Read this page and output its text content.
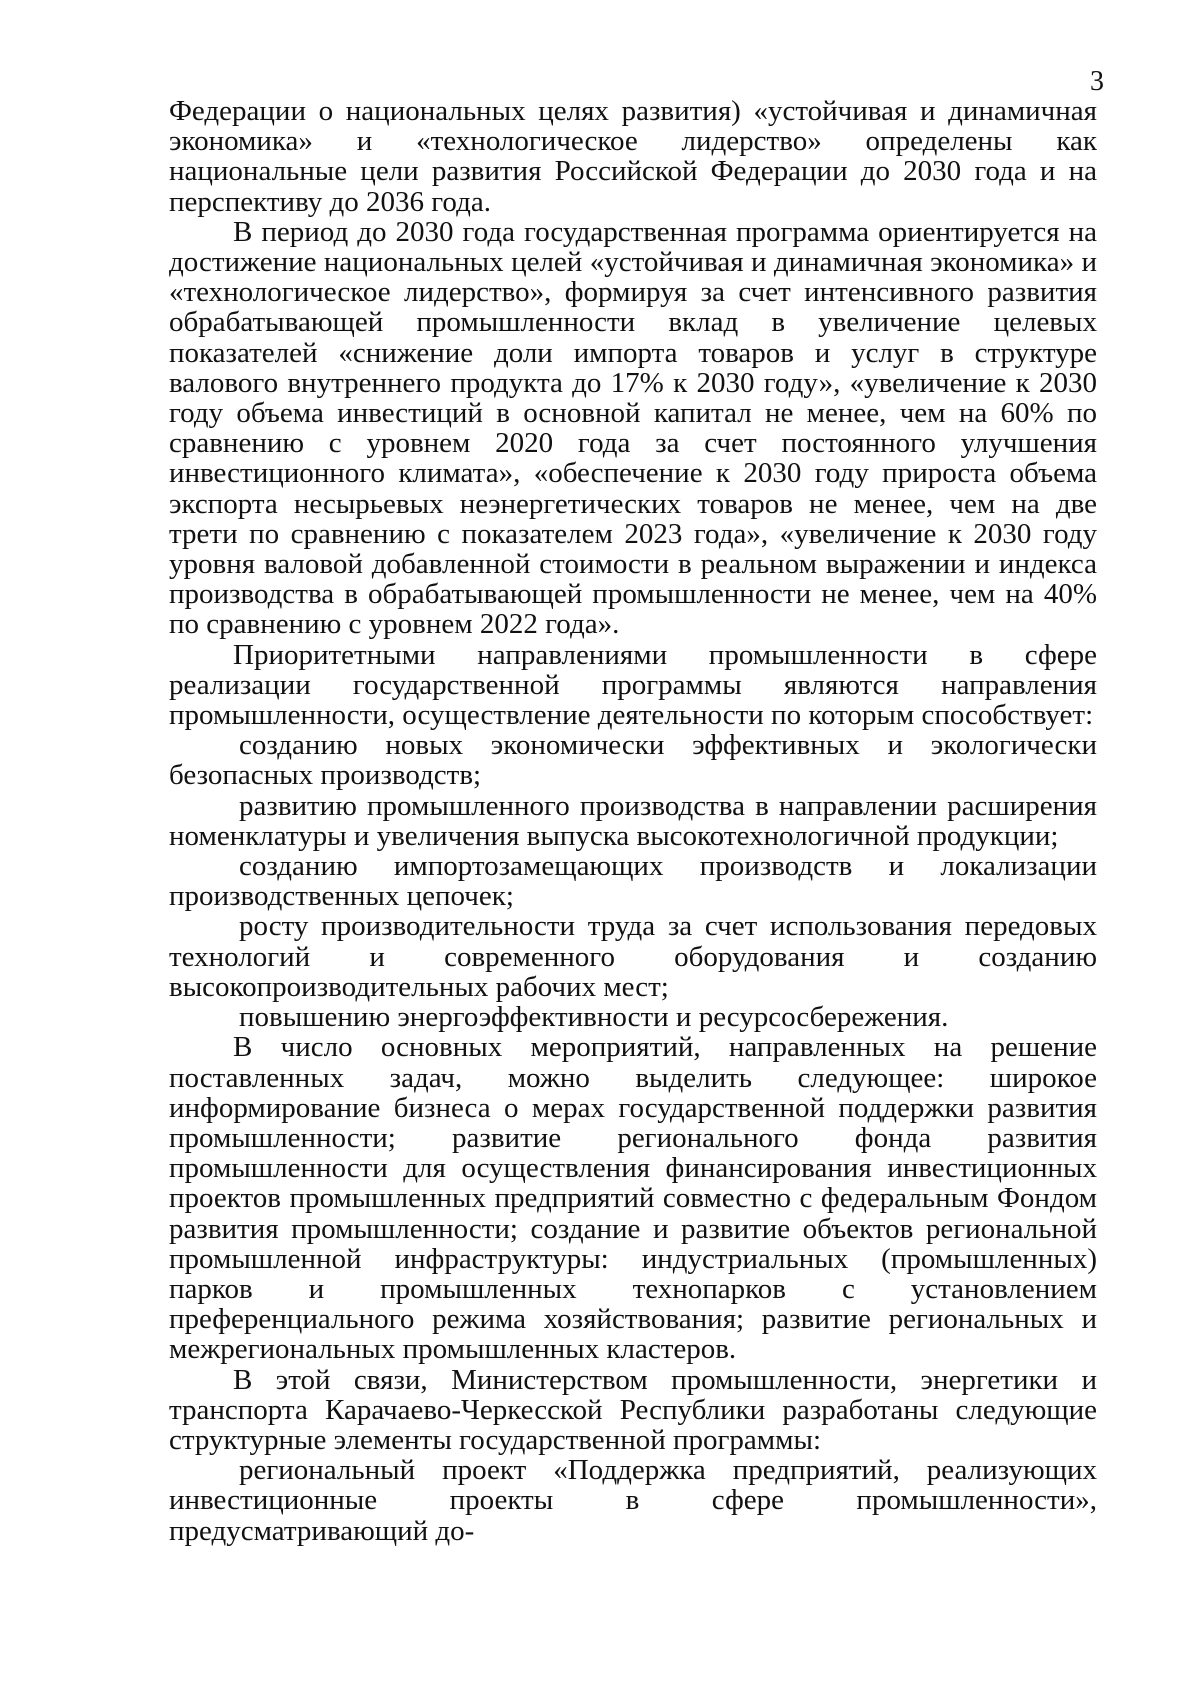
3

Федерации о национальных целях развития) «устойчивая и динамичная экономика» и «технологическое лидерство» определены как национальные цели развития Российской Федерации до 2030 года и на перспективу до 2036 года.

В период до 2030 года государственная программа ориентируется на достижение национальных целей «устойчивая и динамичная экономика» и «технологическое лидерство», формируя за счет интенсивного развития обрабатывающей промышленности вклад в увеличение целевых показателей «снижение доли импорта товаров и услуг в структуре валового внутреннего продукта до 17% к 2030 году», «увеличение к 2030 году объема инвестиций в основной капитал не менее, чем на 60% по сравнению с уровнем 2020 года за счет постоянного улучшения инвестиционного климата», «обеспечение к 2030 году прироста объема экспорта несырьевых неэнергетических товаров не менее, чем на две трети по сравнению с показателем 2023 года», «увеличение к 2030 году уровня валовой добавленной стоимости в реальном выражении и индекса производства в обрабатывающей промышленности не менее, чем на 40% по сравнению с уровнем 2022 года».

Приоритетными направлениями промышленности в сфере реализации государственной программы являются направления промышленности, осуществление деятельности по которым способствует:

созданию новых экономически эффективных и экологически безопасных производств;

развитию промышленного производства в направлении расширения номенклатуры и увеличения выпуска высокотехнологичной продукции;

созданию импортозамещающих производств и локализации производственных цепочек;

росту производительности труда за счет использования передовых технологий и современного оборудования и созданию высокопроизводительных рабочих мест;

повышению энергоэффективности и ресурсосбережения.

В число основных мероприятий, направленных на решение поставленных задач, можно выделить следующее: широкое информирование бизнеса о мерах государственной поддержки развития промышленности; развитие регионального фонда развития промышленности для осуществления финансирования инвестиционных проектов промышленных предприятий совместно с федеральным Фондом развития промышленности; создание и развитие объектов региональной промышленной инфраструктуры: индустриальных (промышленных) парков и промышленных технопарков с установлением преференциального режима хозяйствования; развитие региональных и межрегиональных промышленных кластеров.

В этой связи, Министерством промышленности, энергетики и транспорта Карачаево-Черкесской Республики разработаны следующие структурные элементы государственной программы:

региональный проект «Поддержка предприятий, реализующих инвестиционные проекты в сфере промышленности», предусматривающий до-
